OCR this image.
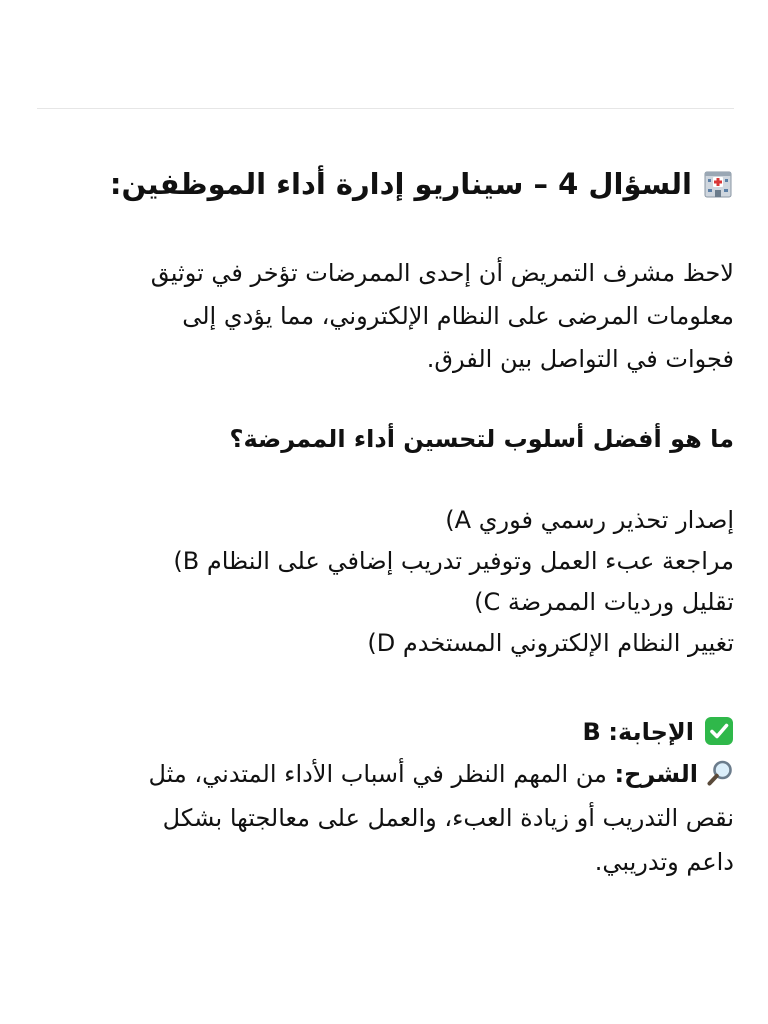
السؤال 4 – سيناريو إدارة أداء الموظفين:

لاحظ مشرف التمريض أن إحدى الممرضات تؤخر في توثيق
معلومات المرضى على النظام الإلكتروني، مما يؤدي إلى
فجوات في التواصل بين الفرق.

ما هو أفضل أسلوب لتحسين أداء الممرضة؟

إصدار تحذير رسمي فوري A)
مراجعة عبء العمل وتوفير تدريب إضافي على النظام B)
تقليل ورديات الممرضة C)
تغيير النظام الإلكتروني المستخدم D)
الإجابة: B

الشرح: من المهم النظر في أسباب الأداء المتدني، مثل
نقص التدريب أو زيادة العبء، والعمل على معالجتها بشكل
داعم وتدريبي.
